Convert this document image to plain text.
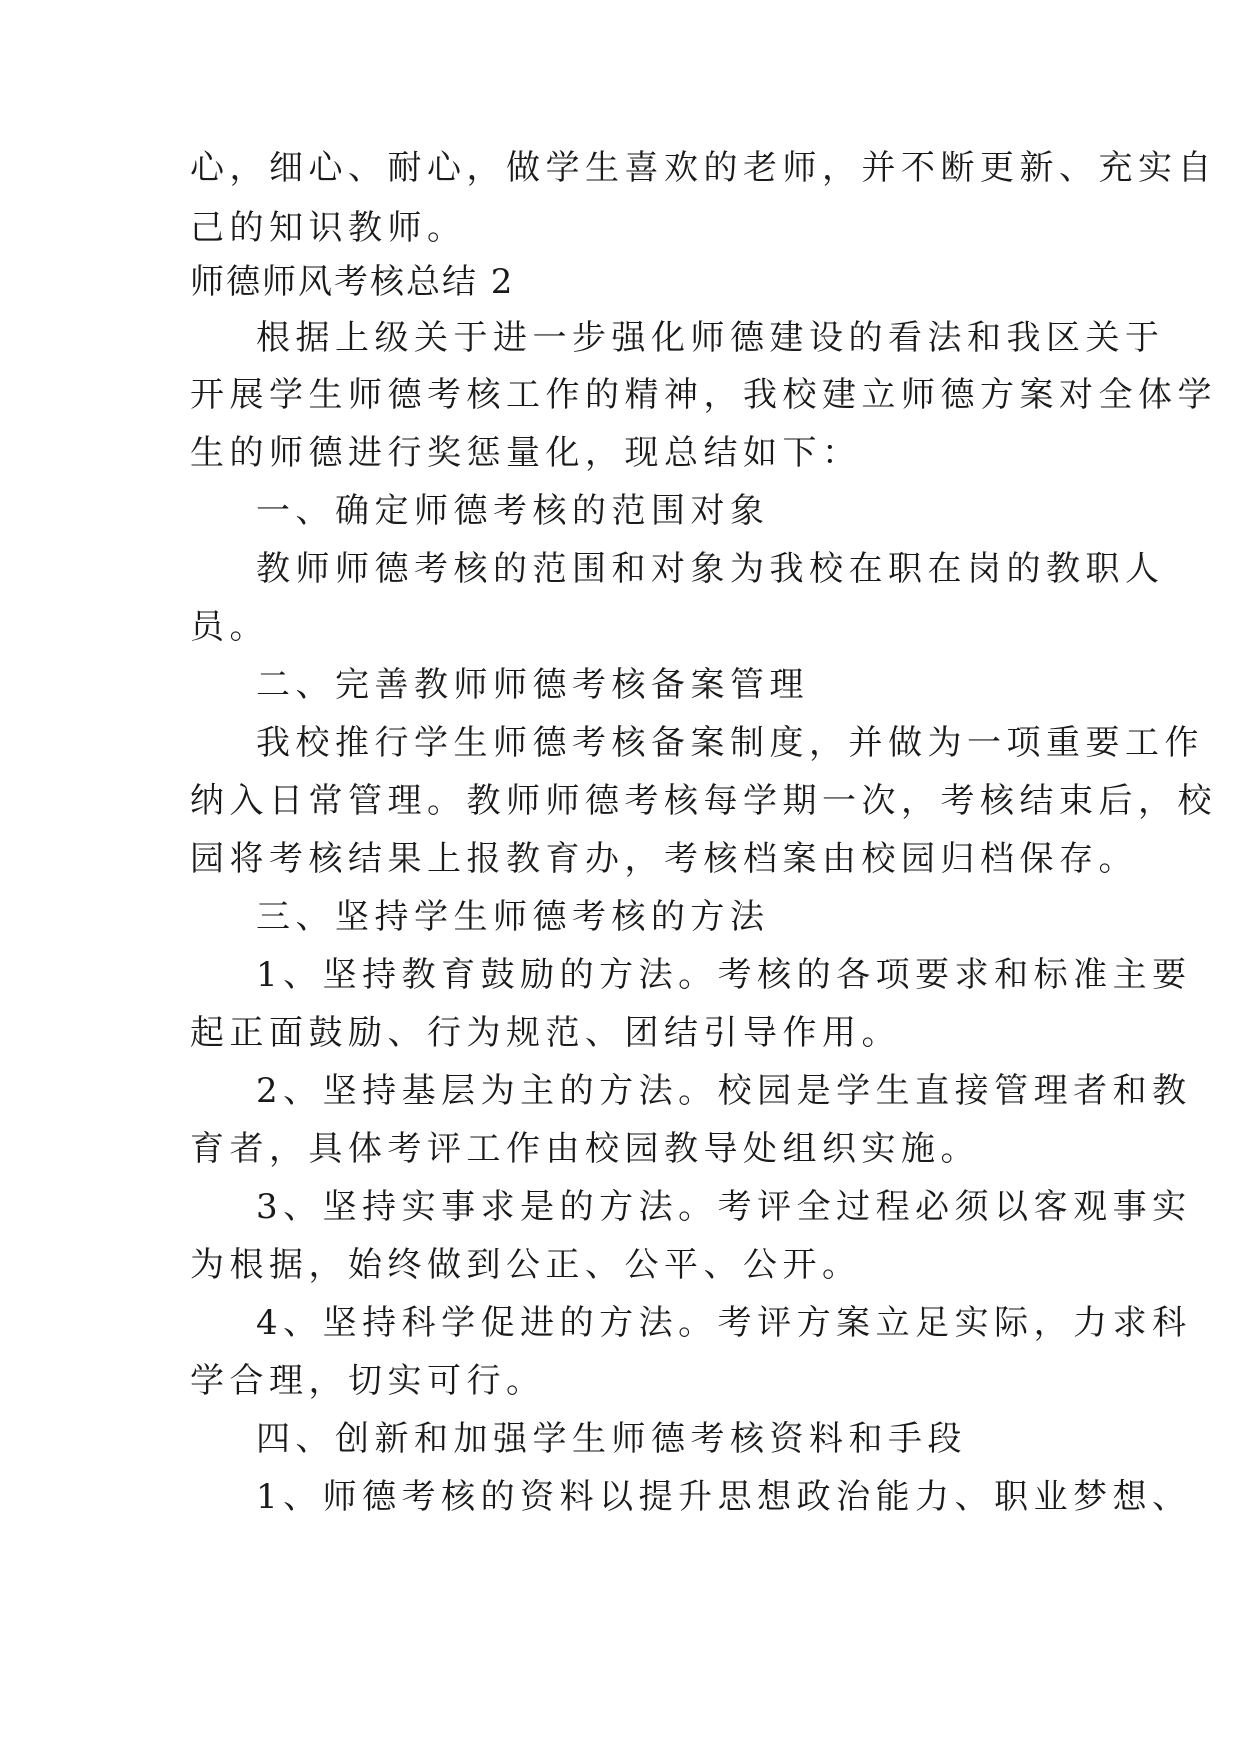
心，细心、耐心，做学生喜欢的老师，并不断更新、充实自
己的知识教师。
师德师风考核总结 2
根据上级关于进一步强化师德建设的看法和我区关于
开展学生师德考核工作的精神，我校建立师德方案对全体学
生的师德进行奖惩量化，现总结如下：
一、确定师德考核的范围对象
教师师德考核的范围和对象为我校在职在岗的教职人
员。
二、完善教师师德考核备案管理
我校推行学生师德考核备案制度，并做为一项重要工作
纳入日常管理。教师师德考核每学期一次，考核结束后，校
园将考核结果上报教育办，考核档案由校园归档保存。
三、坚持学生师德考核的方法
1、坚持教育鼓励的方法。考核的各项要求和标准主要
起正面鼓励、行为规范、团结引导作用。
2、坚持基层为主的方法。校园是学生直接管理者和教
育者，具体考评工作由校园教导处组织实施。
3、坚持实事求是的方法。考评全过程必须以客观事实
为根据，始终做到公正、公平、公开。
4、坚持科学促进的方法。考评方案立足实际，力求科
学合理，切实可行。
四、创新和加强学生师德考核资料和手段
1、师德考核的资料以提升思想政治能力、职业梦想、
